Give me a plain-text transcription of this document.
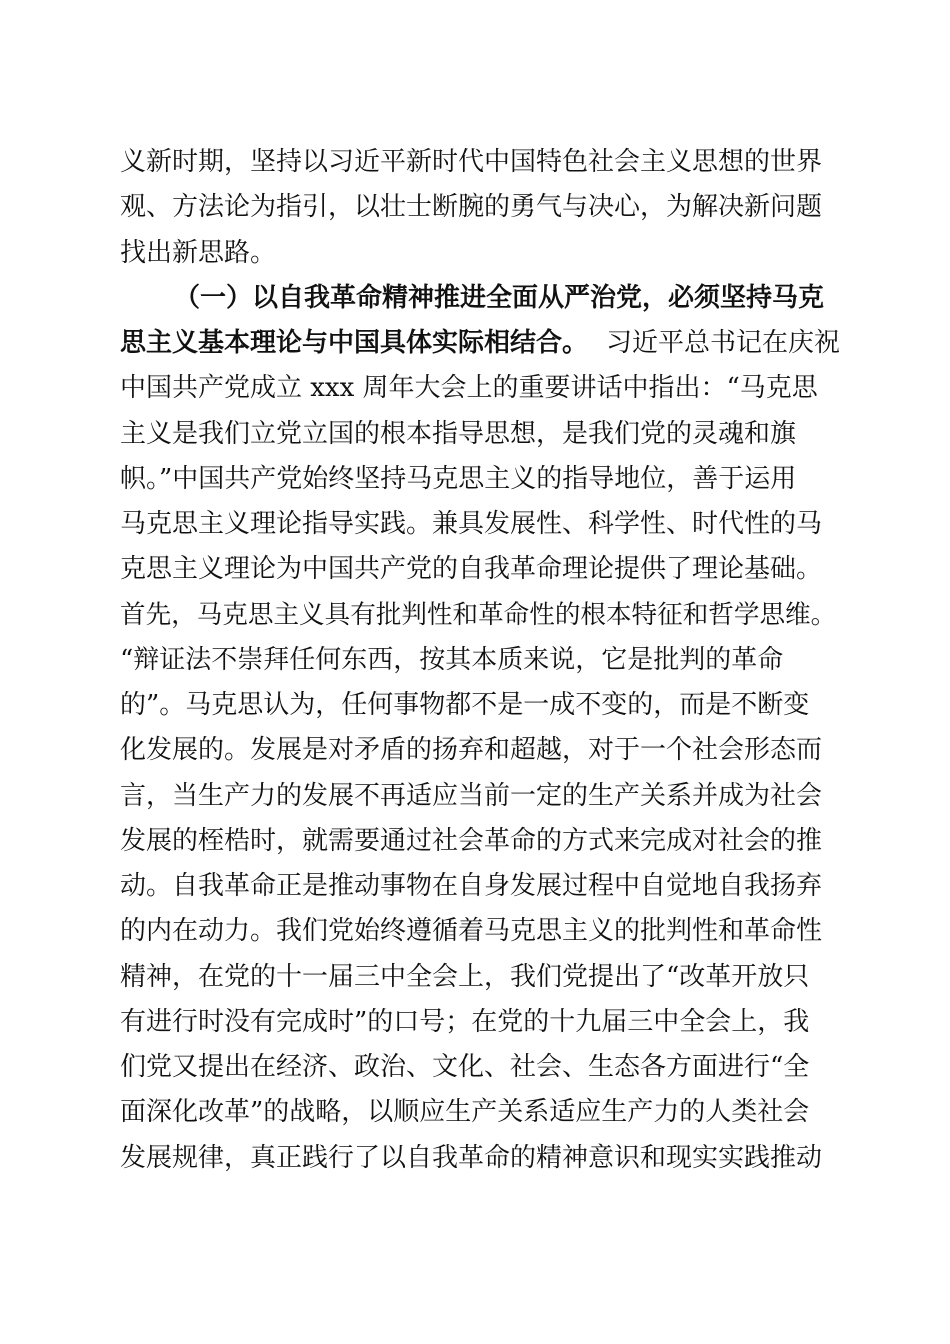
义新时期，坚持以习近平新时代中国特色社会主义思想的世界
观、方法论为指引，以壮士断腕的勇气与决心，为解决新问题
找出新思路。
（一）以自我革命精神推进全面从严治党，必须坚持马克
思主义基本理论与中国具体实际相结合。 习近平总书记在庆祝
中国共产党成立 xxx 周年大会上的重要讲话中指出：“马克思
主义是我们立党立国的根本指导思想，是我们党的灵魂和旗
帜。”中国共产党始终坚持马克思主义的指导地位，善于运用
马克思主义理论指导实践。兼具发展性、科学性、时代性的马
克思主义理论为中国共产党的自我革命理论提供了理论基础。
首先，马克思主义具有批判性和革命性的根本特征和哲学思维。
“辩证法不崇拜任何东西，按其本质来说，它是批判的革命
的”。马克思认为，任何事物都不是一成不变的，而是不断变
化发展的。发展是对矛盾的扬弃和超越，对于一个社会形态而
言，当生产力的发展不再适应当前一定的生产关系并成为社会
发展的桎梏时，就需要通过社会革命的方式来完成对社会的推
动。自我革命正是推动事物在自身发展过程中自觉地自我扬弃
的内在动力。我们党始终遵循着马克思主义的批判性和革命性
精神，在党的十一届三中全会上，我们党提出了“改革开放只
有进行时没有完成时”的口号；在党的十九届三中全会上，我
们党又提出在经济、政治、文化、社会、生态各方面进行“全
面深化改革”的战略，以顺应生产关系适应生产力的人类社会
发展规律，真正践行了以自我革命的精神意识和现实实践推动
